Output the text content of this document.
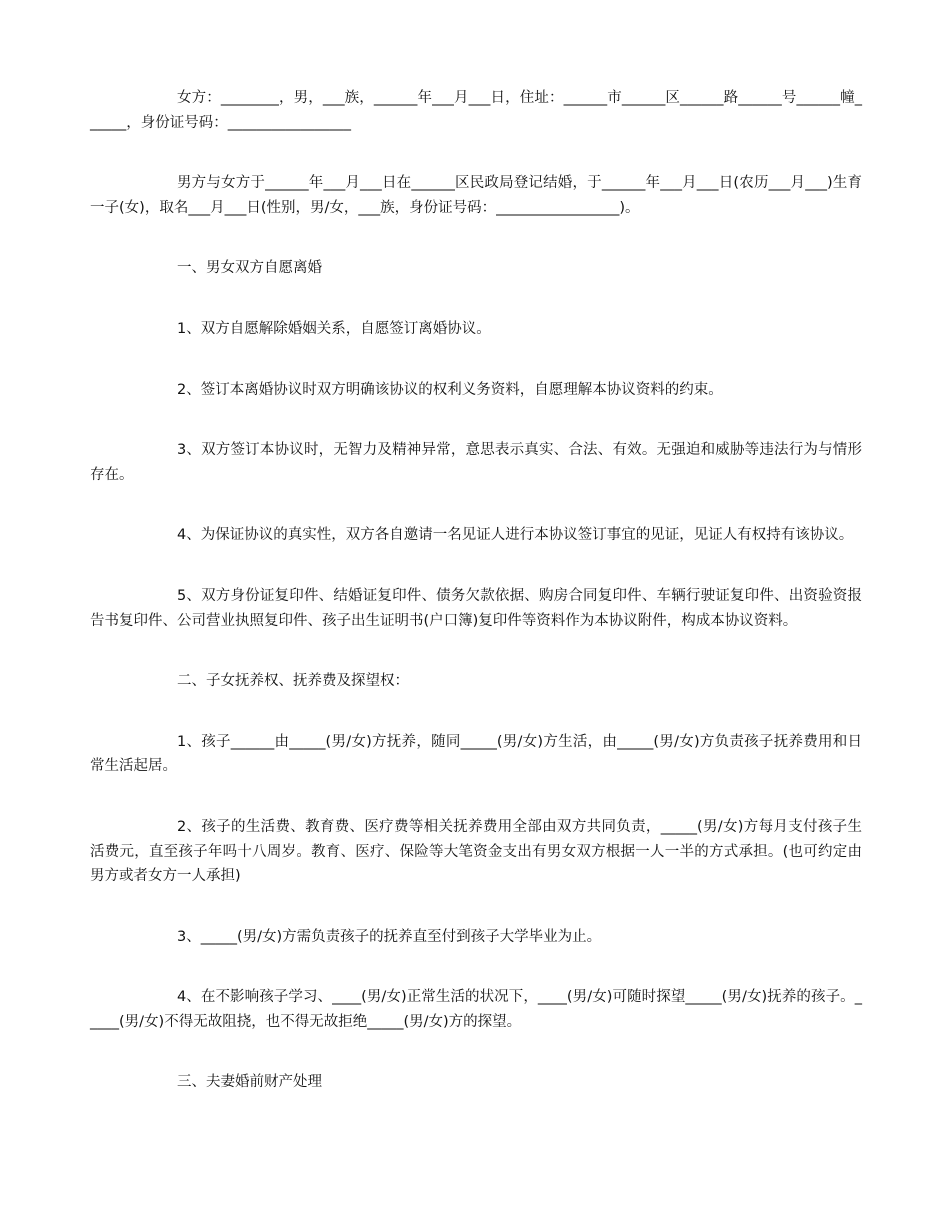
女方：________，男，___族，______年___月___日，住址：______市______区______路______号______幢______，身份证号码：_________________

男方与女方于______年___月___日在______区民政局登记结婚，于______年___月___日(农历___月___)生育一子(女)，取名___月___日(性别，男/女，___族，身份证号码：_________________)。

一、男女双方自愿离婚

1、双方自愿解除婚姻关系，自愿签订离婚协议。

2、签订本离婚协议时双方明确该协议的权利义务资料，自愿理解本协议资料的约束。

3、双方签订本协议时，无智力及精神异常，意思表示真实、合法、有效。无强迫和威胁等违法行为与情形存在。

4、为保证协议的真实性，双方各自邀请一名见证人进行本协议签订事宜的见证，见证人有权持有该协议。

5、双方身份证复印件、结婚证复印件、债务欠款依据、购房合同复印件、车辆行驶证复印件、出资验资报告书复印件、公司营业执照复印件、孩子出生证明书(户口簿)复印件等资料作为本协议附件，构成本协议资料。

二、子女抚养权、抚养费及探望权：

1、孩子______由_____(男/女)方抚养，随同_____(男/女)方生活，由_____(男/女)方负责孩子抚养费用和日常生活起居。

2、孩子的生活费、教育费、医疗费等相关抚养费用全部由双方共同负责，_____(男/女)方每月支付孩子生活费元，直至孩子年吗十八周岁。教育、医疗、保险等大笔资金支出有男女双方根据一人一半的方式承担。(也可约定由男方或者女方一人承担)

3、_____(男/女)方需负责孩子的抚养直至付到孩子大学毕业为止。

4、在不影响孩子学习、____(男/女)正常生活的状况下，____(男/女)可随时探望_____(男/女)抚养的孩子。_____(男/女)不得无故阻挠，也不得无故拒绝_____(男/女)方的探望。

三、夫妻婚前财产处理
